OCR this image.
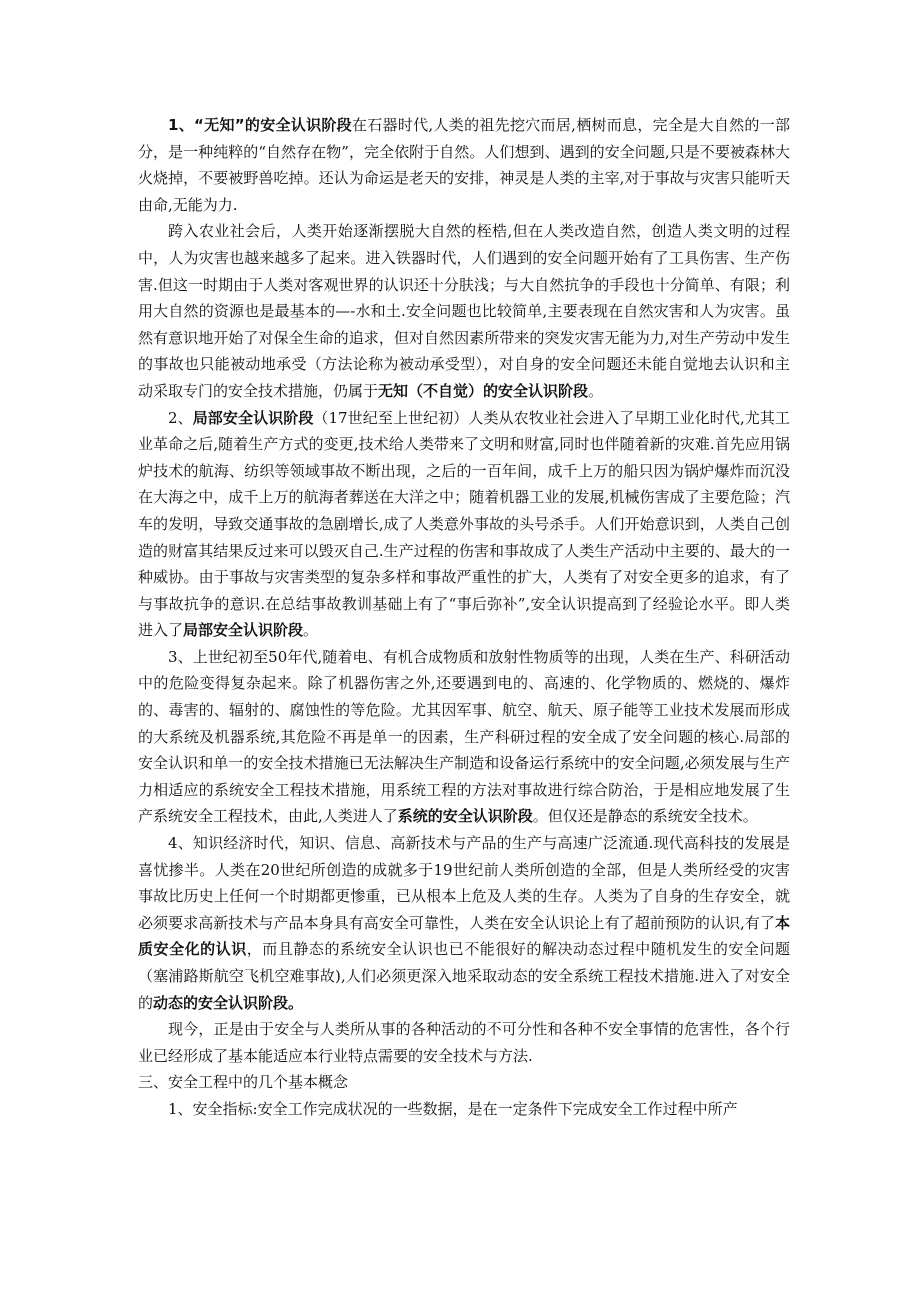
1、“无知”的安全认识阶段在石器时代,人类的祖先挖穴而居,栖树而息，完全是大自然的一部分，是一种纯粹的“自然存在物”，完全依附于自然。人们想到、遇到的安全问题,只是不要被森林大火烧掉，不要被野兽吃掉。还认为命运是老天的安排，神灵是人类的主宰,对于事故与灾害只能听天由命,无能为力.

跨入农业社会后，人类开始逐渐摆脱大自然的桎梏,但在人类改造自然，创造人类文明的过程中，人为灾害也越来越多了起来。进入铁器时代，人们遇到的安全问题开始有了工具伤害、生产伤害.但这一时期由于人类对客观世界的认识还十分肤浅；与大自然抗争的手段也十分简单、有限；利用大自然的资源也是最基本的—-水和土.安全问题也比较简单,主要表现在自然灾害和人为灾害。虽然有意识地开始了对保全生命的追求，但对自然因素所带来的突发灾害无能为力,对生产劳动中发生的事故也只能被动地承受（方法论称为被动承受型），对自身的安全问题还未能自觉地去认识和主动采取专门的安全技术措施，仍属于无知（不自觉）的安全认识阶段。

2、局部安全认识阶段（17世纪至上世纪初）人类从农牧业社会进入了早期工业化时代,尤其工业革命之后,随着生产方式的变更,技术给人类带来了文明和财富,同时也伴随着新的灾难.首先应用锅炉技术的航海、纺织等领域事故不断出现，之后的一百年间，成千上万的船只因为锅炉爆炸而沉没在大海之中，成千上万的航海者葬送在大洋之中；随着机器工业的发展,机械伤害成了主要危险；汽车的发明，导致交通事故的急剧增长,成了人类意外事故的头号杀手。人们开始意识到，人类自己创造的财富其结果反过来可以毁灭自己.生产过程的伤害和事故成了人类生产活动中主要的、最大的一种威协。由于事故与灾害类型的复杂多样和事故严重性的扩大，人类有了对安全更多的追求，有了与事故抗争的意识.在总结事故教训基础上有了“事后弥补”,安全认识提高到了经验论水平。即人类进入了局部安全认识阶段。

3、上世纪初至50年代,随着电、有机合成物质和放射性物质等的出现，人类在生产、科研活动中的危险变得复杂起来。除了机器伤害之外,还要遇到电的、高速的、化学物质的、燃烧的、爆炸的、毒害的、辐射的、腐蚀性的等危险。尤其因军事、航空、航天、原子能等工业技术发展而形成的大系统及机器系统,其危险不再是单一的因素，生产科研过程的安全成了安全问题的核心.局部的安全认识和单一的安全技术措施已无法解决生产制造和设备运行系统中的安全问题,必须发展与生产力相适应的系统安全工程技术措施，用系统工程的方法对事故进行综合防治，于是相应地发展了生产系统安全工程技术，由此,人类进人了系统的安全认识阶段。但仅还是静态的系统安全技术。

4、知识经济时代，知识、信息、高新技术与产品的生产与高速广泛流通.现代高科技的发展是喜忧掺半。人类在20世纪所创造的成就多于19世纪前人类所创造的全部，但是人类所经受的灾害事故比历史上任何一个时期都更惨重，已从根本上危及人类的生存。人类为了自身的生存安全，就必须要求高新技术与产品本身具有高安全可靠性，人类在安全认识论上有了超前预防的认识,有了本质安全化的认识，而且静态的系统安全认识也已不能很好的解决动态过程中随机发生的安全问题（塞浦路斯航空飞机空难事故),人们必须更深入地采取动态的安全系统工程技术措施.进入了对安全的动态的安全认识阶段。

现今，正是由于安全与人类所从事的各种活动的不可分性和各种不安全事情的危害性，各个行业已经形成了基本能适应本行业特点需要的安全技术与方法.

三、安全工程中的几个基本概念

1、安全指标:安全工作完成状况的一些数据，是在一定条件下完成安全工作过程中所产
